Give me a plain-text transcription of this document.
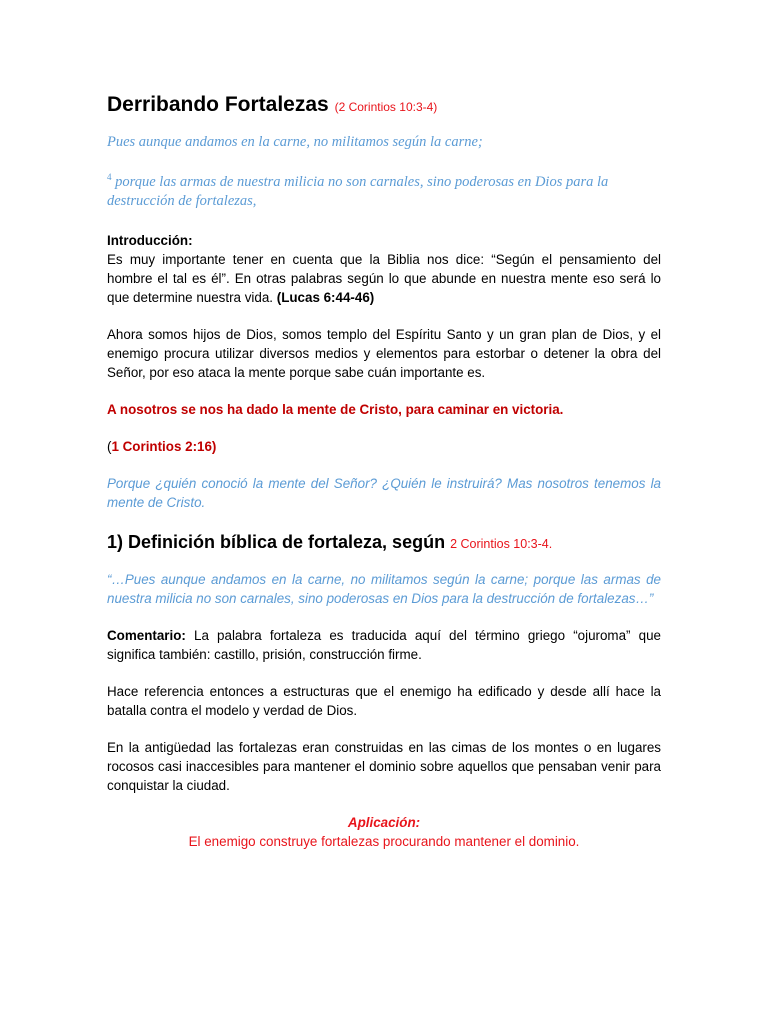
Derribando Fortalezas (2 Corintios 10:3-4)

Pues aunque andamos en la carne, no militamos según la carne;

$^4$ porque las armas de nuestra milicia no son carnales, sino poderosas en Dios para la destrucción de fortalezas,

Introducción:

Es muy importante tener en cuenta que la Biblia nos dice: “Según el pensamiento del hombre el tal es él”. En otras palabras según lo que abunde en nuestra mente eso será lo que determine nuestra vida. (Lucas 6:44-46)

Ahora somos hijos de Dios, somos templo del Espíritu Santo y un gran plan de Dios, y el enemigo procura utilizar diversos medios y elementos para estorbar o detener la obra del Señor, por eso ataca la mente porque sabe cuán importante es.

A nosotros se nos ha dado la mente de Cristo, para caminar en victoria.

(1 Corintios 2:16)

Porque ¿quién conoció la mente del Señor? ¿Quién le instruirá? Mas nosotros tenemos la mente de Cristo.

1) Definición bíblica de fortaleza, según 2 Corintios 10:3-4.

“…Pues aunque andamos en la carne, no militamos según la carne; porque las armas de nuestra milicia no son carnales, sino poderosas en Dios para la destrucción de fortalezas…”

Comentario: La palabra fortaleza es traducida aquí del término griego “ojuroma” que significa también: castillo, prisión, construcción firme.

Hace referencia entonces a estructuras que el enemigo ha edificado y desde allí hace la batalla contra el modelo y verdad de Dios.

En la antigüedad las fortalezas eran construidas en las cimas de los montes o en lugares rocosos casi inaccesibles para mantener el dominio sobre aquellos que pensaban venir para conquistar la ciudad.

Aplicación:

El enemigo construye fortalezas procurando mantener el dominio.
